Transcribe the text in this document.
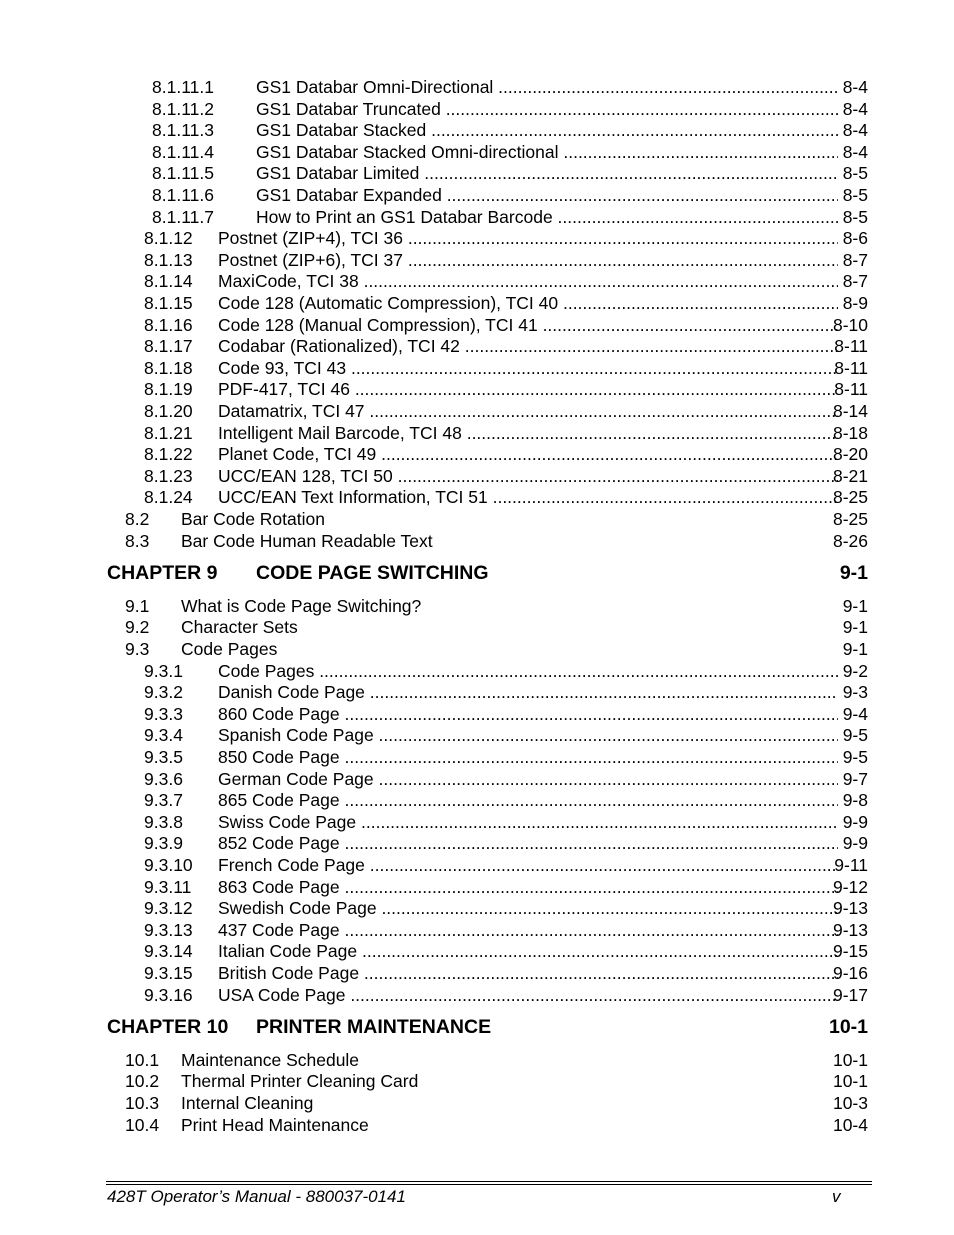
8.1.11.1 GS1 Databar Omni-Directional .....	8-4
8.1.11.2 GS1 Databar Truncated .....	8-4
8.1.11.3 GS1 Databar Stacked .....	8-4
8.1.11.4 GS1 Databar Stacked Omni-directional .....	8-4
8.1.11.5 GS1 Databar Limited .....	8-5
8.1.11.6 GS1 Databar Expanded .....	8-5
8.1.11.7 How to Print an GS1 Databar Barcode .....	8-5
8.1.12 Postnet (ZIP+4), TCI 36 .....	8-6
8.1.13 Postnet (ZIP+6), TCI 37 .....	8-7
8.1.14 MaxiCode, TCI 38 .....	8-7
8.1.15 Code 128 (Automatic Compression), TCI 40 .....	8-9
8.1.16 Code 128 (Manual Compression), TCI 41 .....	8-10
8.1.17 Codabar (Rationalized), TCI 42 .....	8-11
8.1.18 Code 93, TCI 43 .....	8-11
8.1.19 PDF-417, TCI 46 .....	8-11
8.1.20 Datamatrix, TCI 47 .....	8-14
8.1.21 Intelligent Mail Barcode, TCI 48 .....	8-18
8.1.22 Planet Code, TCI 49 .....	8-20
8.1.23 UCC/EAN 128, TCI 50 .....	8-21
8.1.24 UCC/EAN Text Information, TCI 51 .....	8-25
8.2 Bar Code Rotation	8-25
8.3 Bar Code Human Readable Text	8-26
CHAPTER 9 CODE PAGE SWITCHING	9-1
9.1 What is Code Page Switching?	9-1
9.2 Character Sets	9-1
9.3 Code Pages	9-1
9.3.1 Code Pages .....	9-2
9.3.2 Danish Code Page .....	9-3
9.3.3 860 Code Page .....	9-4
9.3.4 Spanish Code Page .....	9-5
9.3.5 850 Code Page .....	9-5
9.3.6 German Code Page .....	9-7
9.3.7 865 Code Page .....	9-8
9.3.8 Swiss Code Page .....	9-9
9.3.9 852 Code Page .....	9-9
9.3.10 French Code Page .....	9-11
9.3.11 863 Code Page .....	9-12
9.3.12 Swedish Code Page .....	9-13
9.3.13 437 Code Page .....	9-13
9.3.14 Italian Code Page .....	9-15
9.3.15 British Code Page .....	9-16
9.3.16 USA Code Page .....	9-17
CHAPTER 10 PRINTER MAINTENANCE	10-1
10.1 Maintenance Schedule	10-1
10.2 Thermal Printer Cleaning Card	10-1
10.3 Internal Cleaning	10-3
10.4 Print Head Maintenance	10-4
428T Operator’s Manual - 880037-0141	v
